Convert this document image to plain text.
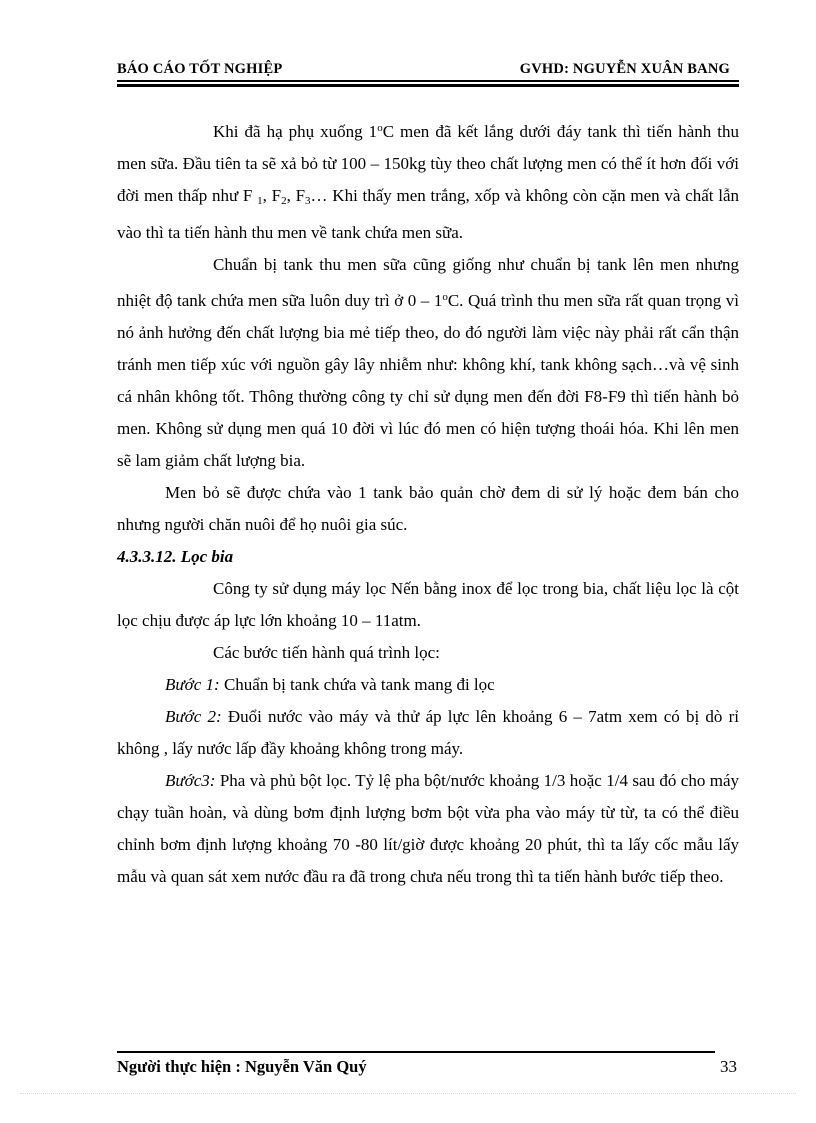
BÁO CÁO TỐT NGHIỆP	GVHD: NGUYỄN XUÂN BANG

Khi đã hạ phụ xuống 1$^o$C men đã kết lắng dưới đáy tank thì tiến hành thu men sữa. Đầu tiên ta sẽ xả bỏ từ 100 – 150kg tùy theo chất lượng men có thể ít hơn đối với đời men thấp như F $_1$, $F_2$, $F_3\dots$ Khi thấy men trắng, xốp và không còn cặn men và chất lẫn vào thì ta tiến hành thu men về tank chứa men sữa.

Chuẩn bị tank thu men sữa cũng giống như chuẩn bị tank lên men nhưng nhiệt độ tank chứa men sữa luôn duy trì ở 0 – 1$^o$C. Quá trình thu men sữa rất quan trọng vì nó ảnh hưởng đến chất lượng bia mẻ tiếp theo, do đó người làm việc này phải rất cẩn thận tránh men tiếp xúc với nguồn gây lây nhiễm như: không khí, tank không sạch…và vệ sinh cá nhân không tốt. Thông thường công ty chỉ sử dụng men đến đời F8-F9 thì tiến hành bỏ men. Không sử dụng men quá 10 đời vì lúc đó men có hiện tượng thoái hóa. Khi lên men sẽ lam giảm chất lượng bia.

Men bỏ sẽ được chứa vào 1 tank bảo quản chờ đem di sử lý hoặc đem bán cho nhưng người chăn nuôi để họ nuôi gia súc.

4.3.3.12. Lọc bia

Công ty sử dụng máy lọc Nến bằng inox để lọc trong bia, chất liệu lọc là cột lọc chịu được áp lực lớn khoảng 10 – 11atm.

Các bước tiến hành quá trình lọc:

Bước 1: Chuẩn bị tank chứa và tank mang đi lọc

Bước 2: Đuổi nước vào máy và thử áp lực lên khoảng 6 – 7atm xem có bị dò rỉ không , lấy nước lấp đầy khoảng không trong máy.

Bước3: Pha và phủ bột lọc. Tỷ lệ pha bột/nước khoảng 1/3 hoặc 1/4 sau đó cho máy chạy tuần hoàn, và dùng bơm định lượng bơm bột vừa pha vào máy từ từ, ta có thể điều chỉnh bơm định lượng khoảng 70 -80 lít/giờ được khoảng 20 phút, thì ta lấy cốc mẫu lấy mẫu và quan sát xem nước đầu ra đã trong chưa nếu trong thì ta tiến hành bước tiếp theo.

Người thực hiện : Nguyễn Văn Quý	33
